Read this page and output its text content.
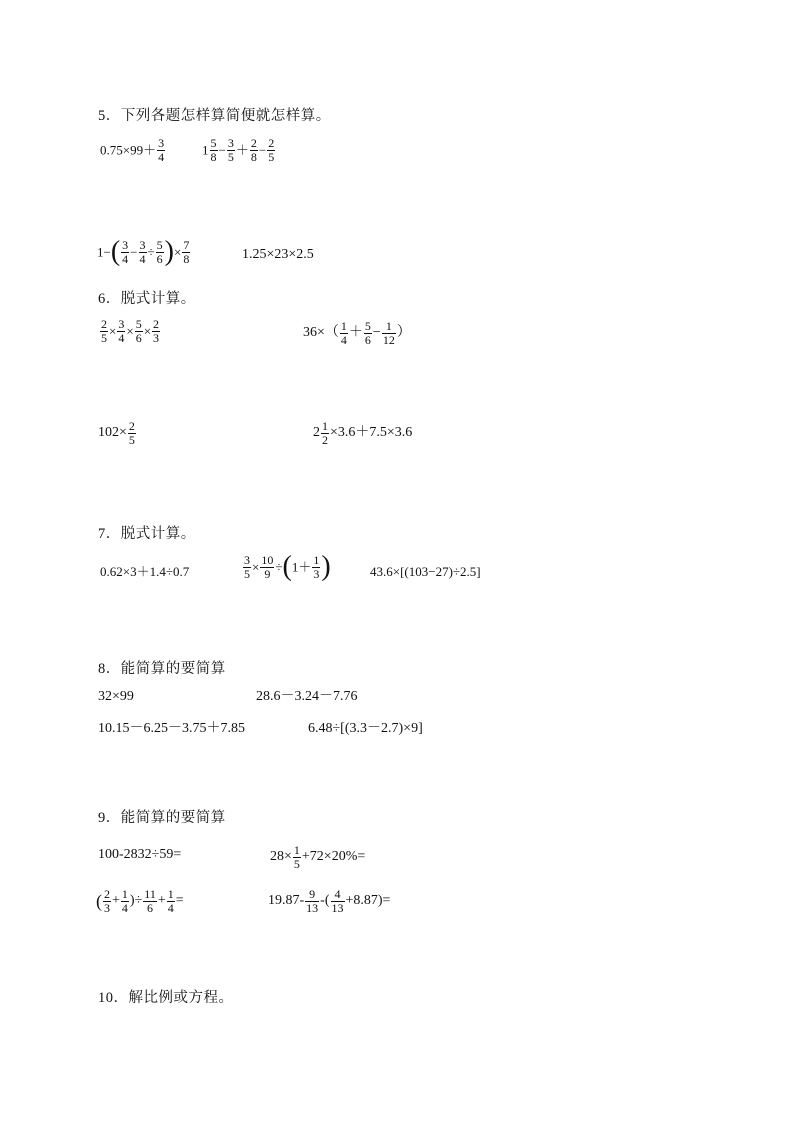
5．下列各题怎样算简便就怎样算。
$0.75\times 99+ \frac{3}{4}$	$1 \frac{5}{8} - \frac{3}{5} + \frac{2}{8} - \frac{2}{5}$
$1-( \frac{3}{4} - \frac{3}{4} \div \frac{5}{6}$ )× $\frac{7}{8}$	1.25×23×2.5
6．脱式计算。
$\frac{2}{5} \times \frac{3}{4} \times \frac{5}{6} \times \frac{2}{3}$	$36\times( \frac{1}{4} + \frac{5}{6} - \frac{1}{12}$ ）
$102\times \frac{2}{5}$	$2 \frac{1}{2} \times 3.6+7.5\times 3.6$
7．脱式计算。
0.62×3＋1.4÷0.7	$\frac{3}{5} \times \frac{10}{9} \div(1+ \frac{1}{3}$ )	43.6×[(103−27)÷2.5]
8．能简算的要简算
32×99	28.6－3.24－7.76
10.15－6.25－3.75＋7.85	6.48÷[(3.3－2.7)×9]
9．能简算的要简算
100-2832÷59=	$28\times \frac{1}{5} +72\times 20\%=$
( $\frac{2}{3} + \frac{1}{4}$ )÷ $\frac{11}{6} + \frac{1}{4}$ =	$19.87- \frac{9}{13}$ -( $\frac{4}{13} +8.87)=$
10．解比例或方程。
